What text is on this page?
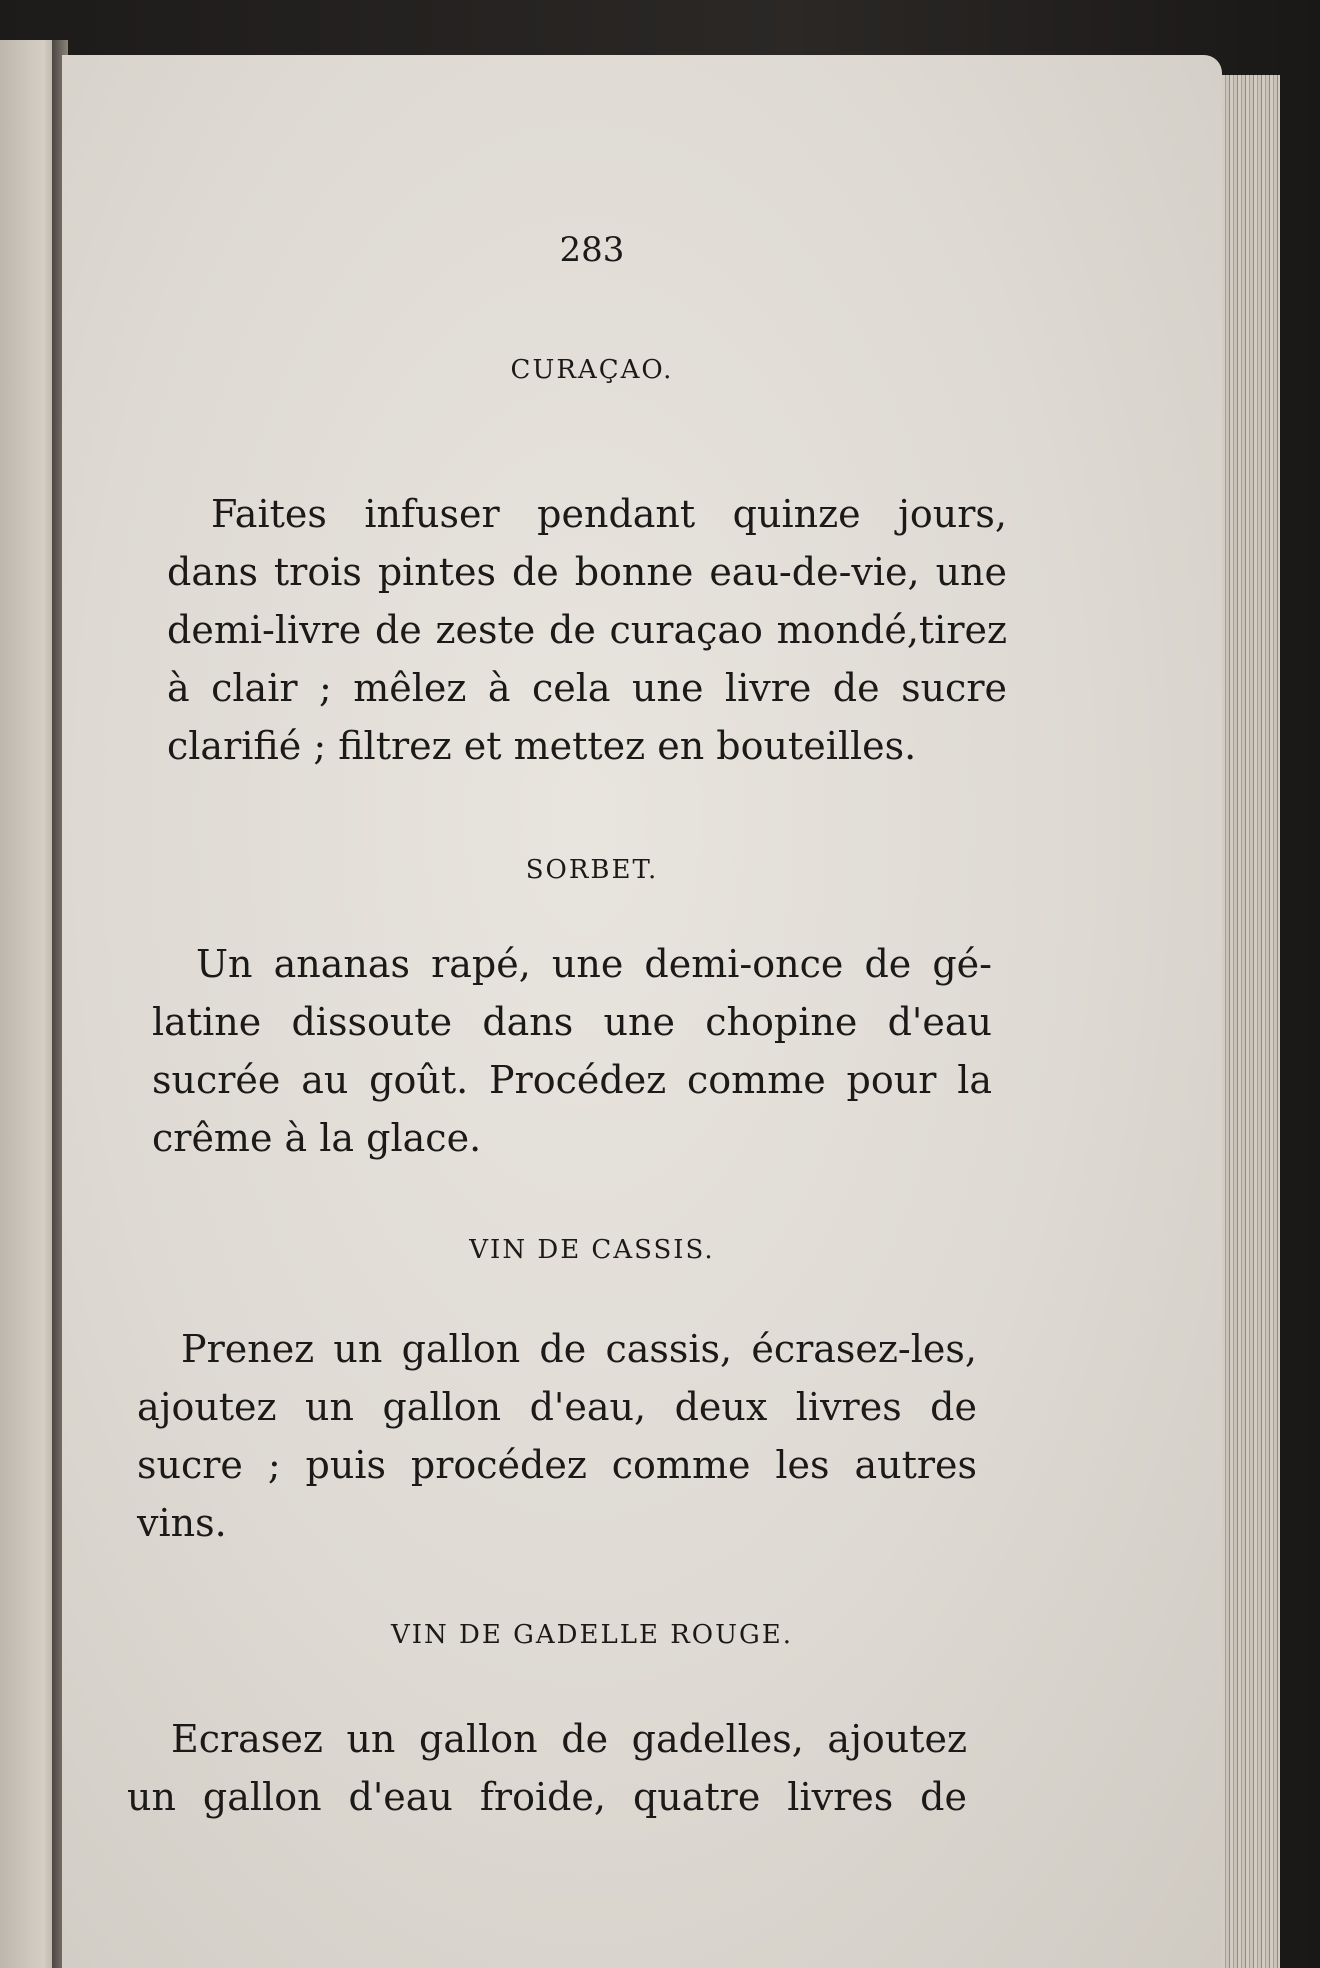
283
CURAÇAO.

Faites infuser pendant quinze jours,
dans trois pintes de bonne eau-de-vie, une
demi-livre de zeste de curaçao mondé,tirez
à clair ; mêlez à cela une livre de sucre
clarifié ; filtrez et mettez en bouteilles.

SORBET.

Un ananas rapé, une demi-once de gé-
latine dissoute dans une chopine d'eau
sucrée au goût. Procédez comme pour la
crême à la glace.

VIN DE CASSIS.

Prenez un gallon de cassis, écrasez-les,
ajoutez un gallon d'eau, deux livres de
sucre ; puis procédez comme les autres
vins.

VIN DE GADELLE ROUGE.

Ecrasez un gallon de gadelles, ajoutez
un gallon d'eau froide, quatre livres de
